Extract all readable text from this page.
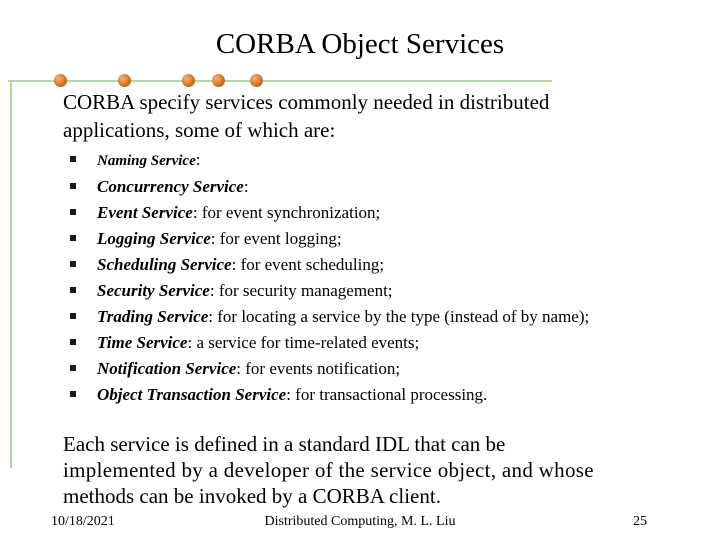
CORBA Object Services
CORBA specify services commonly needed in distributed
applications, some of which are:
Naming Service:
Concurrency Service:
Event Service: for event synchronization;
Logging Service: for event logging;
Scheduling Service: for event scheduling;
Security Service: for security management;
Trading Service: for locating a service by the type (instead of by name);
Time Service: a service for time-related events;
Notification Service: for events notification;
Object Transaction Service: for transactional processing.
Each service is defined in a standard IDL that can be
implemented by a developer of the service object, and whose
methods can be invoked by a CORBA client.
10/18/2021	Distributed Computing, M. L. Liu	25
